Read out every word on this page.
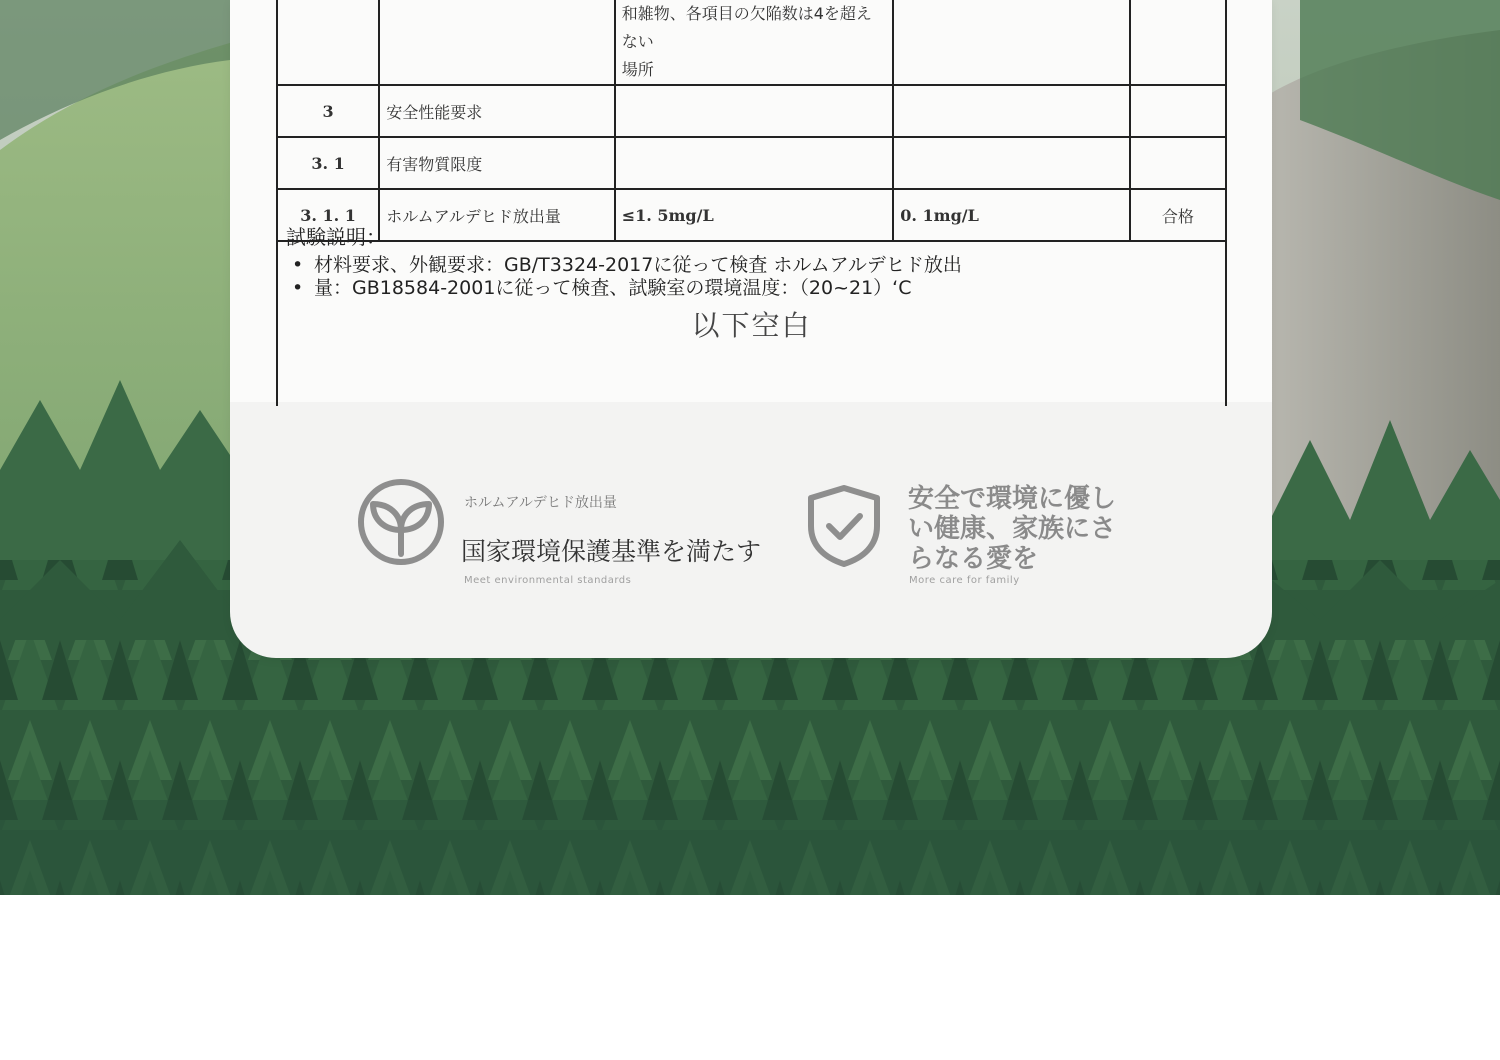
		和雑物、各項目の欠陥数は4を超えない
場所		

3	安全性能要求			
3. 1	有害物質限度			
3. 1. 1	ホルムアルデヒド放出量	≤1. 5mg/L	0. 1mg/L	合格
試験説明：
• 材料要求、外観要求：GB/T3324-2017に従って検査 ホルムアルデヒド放出
• 量：GB18584-2001に従って検査、試験室の環境温度：（20~21）‘C
以下空白
ホルムアルデヒド放出量
国家環境保護基準を満たす
Meet environmental standards
安全で環境に優し
い健康、家族にさ
らなる愛を
More care for family
